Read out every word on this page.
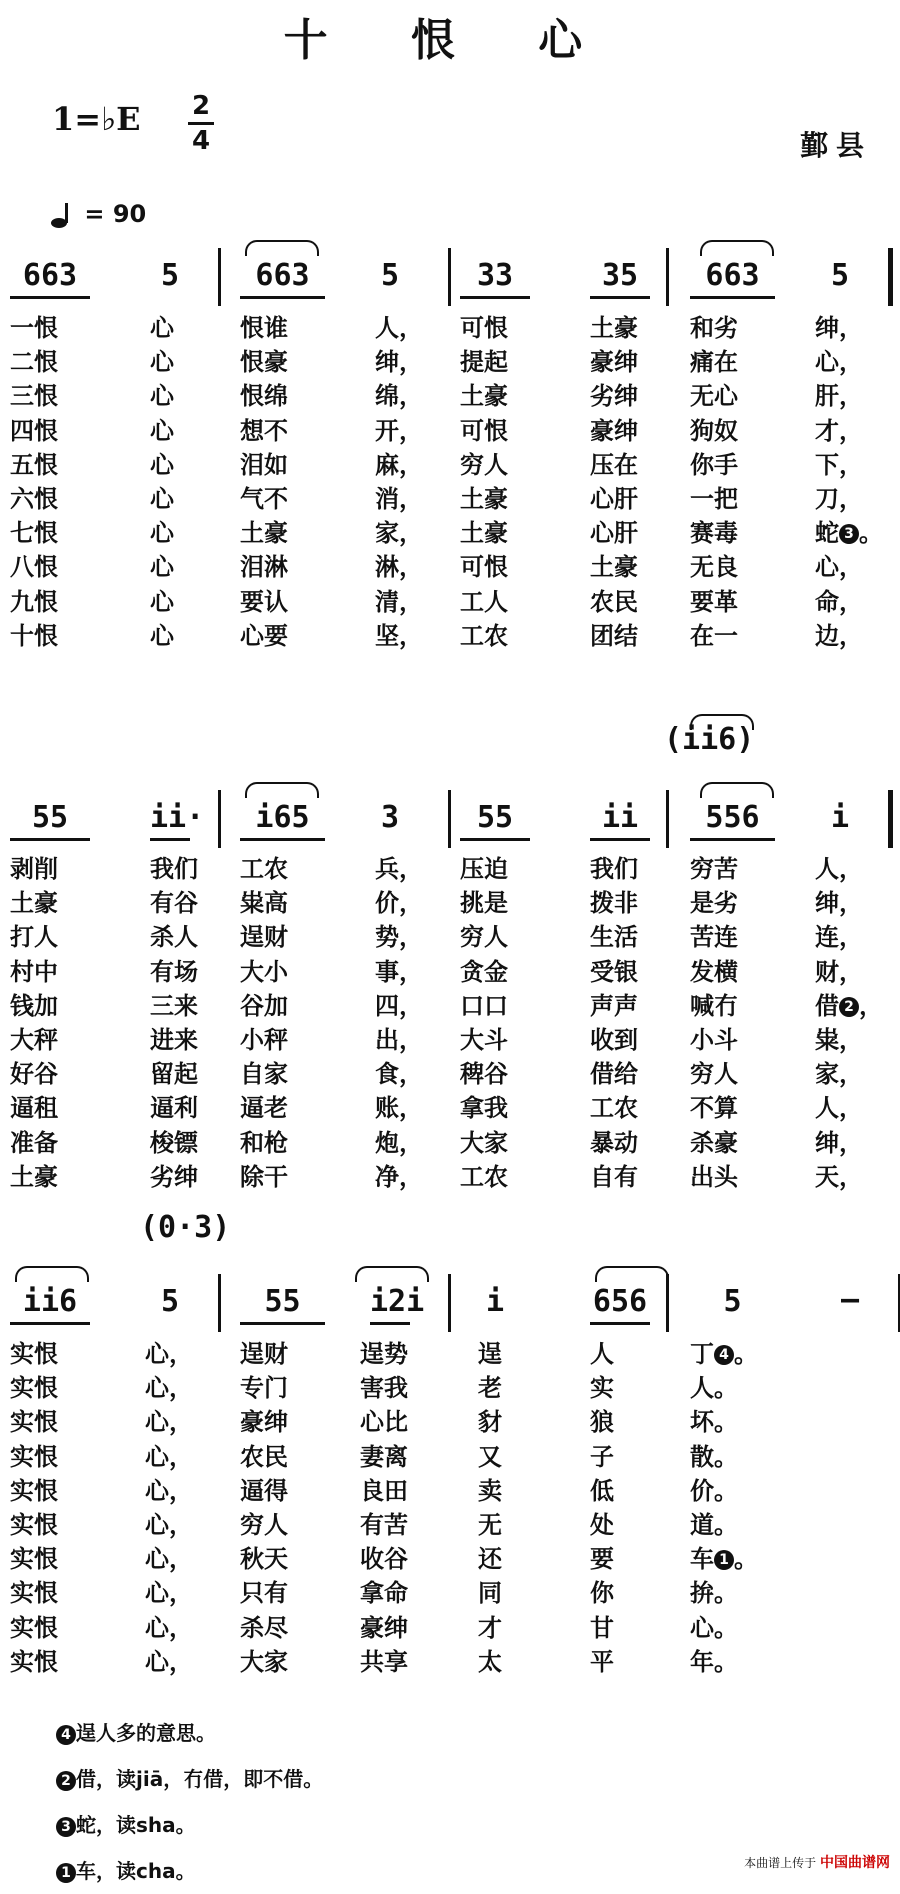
十 恨 心
1=♭E 2
4	鄞县
= 90
663	5	663	5	33	35	663	5
一恨	心	恨谁	人， 可恨	土豪 和劣	绅，
二恨	心	恨豪	绅， 提起	豪绅 痛在	心，
三恨	心	恨绵	绵， 土豪	劣绅 无心	肝，
四恨	心	想不	开， 可恨	豪绅 狗奴	才，
五恨	心	泪如	麻， 穷人	压在 你手	下，
六恨	心	气不	消， 土豪	心肝 一把	刀，
七恨	心	土豪	家， 土豪	心肝 赛毒	蛇 3 。
八恨	心	泪淋	淋， 可恨	土豪 无良	心，
九恨	心	要认	清， 工人	农民 要革	命，
十恨	心	心要	坚， 工农	团结 在一	边，
(ii6)
55	ii·	i65	3	55	ii	556	i
剥削	我们 工农	兵， 压迫	我们 穷苦	人，
土豪	有谷 粜高	价， 挑是	拨非 是劣	绅，
打人	杀人 逞财	势， 穷人	生活 苦连	连，
村中	有场 大小	事， 贪金	受银 发横	财，
钱加	三来 谷加	四， 口口	声声 喊冇	借 2 ，
大秤	进来 小秤	出， 大斗	收到 小斗	粜，
好谷	留起 自家	食， 稗谷	借给 穷人	家，
逼租	逼利 逼老	账， 拿我	工农 不算	人，
准备	梭镖 和枪	炮， 大家	暴动 杀豪	绅，
土豪	劣绅 除干	净， 工农	自有 出头	天，
(0·3)
ii6	5	55	i2i	i	656	5	—
实恨	心， 逞财	逞势	逞	人	丁 4 。
实恨	心， 专门	害我	老	实	人。
实恨	心， 豪绅	心比	豺	狼	坏。
实恨	心， 农民	妻离	又	子	散。
实恨	心， 逼得	良田	卖	低	价。
实恨	心， 穷人	有苦	无	处	道。
实恨	心， 秋天	收谷	还	要	车 1 。
实恨	心， 只有	拿命	同	你	拚。
实恨	心， 杀尽	豪绅	才	甘	心。
实恨	心， 大家	共享	太	平	年。
4 逞人多的意思。
2 借，读jiā，冇借，即不借。
3 蛇，读sha。
1 车，读cha。	本曲谱上传于 中国曲谱网
